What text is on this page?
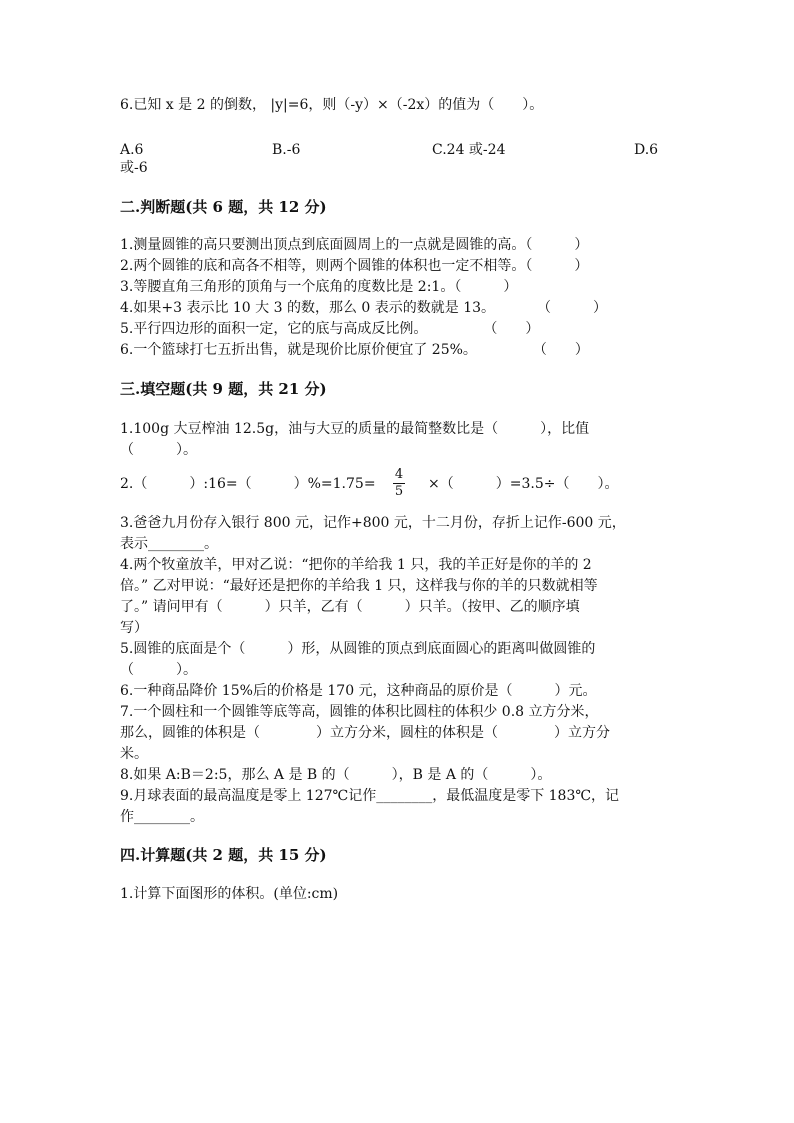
6.已知 x 是 2 的倒数， |y|=6，则（-y）×（-2x）的值为（　　）。
A.6	B.-6	C.24 或-24	D.6
或-6
二.判断题(共 6 题，共 12 分)
1.测量圆锥的高只要测出顶点到底面圆周上的一点就是圆锥的高。（　　　）
2.两个圆锥的底和高各不相等，则两个圆锥的体积也一定不相等。（　　　）
3.等腰直角三角形的顶角与一个底角的度数比是 2:1。（　　　）
4.如果+3 表示比 10 大 3 的数，那么 0 表示的数就是 13。　　　　（　　　）
5.平行四边形的面积一定，它的底与高成反比例。　　　　　（　　）
6.一个篮球打七五折出售，就是现价比原价便宜了 25%。　　　　　（　　）
三.填空题(共 9 题，共 21 分)
1.100g 大豆榨油 12.5g，油与大豆的质量的最简整数比是（　　　），比值
（　　　）。
2.（　　　）:16=（　　　）%=1.75=
4
5 ×（　　　）=3.5÷（　　）。
3.爸爸九月份存入银行 800 元，记作+800 元，十二月份，存折上记作-600 元，
表示________。
4.两个牧童放羊，甲对乙说：“把你的羊给我 1 只，我的羊正好是你的羊的 2
倍。” 乙对甲说：“最好还是把你的羊给我 1 只，这样我与你的羊的只数就相等
了。” 请问甲有（　　　）只羊，乙有（　　　）只羊。（按甲、乙的顺序填
写）
5.圆锥的底面是个（　　　）形，从圆锥的顶点到底面圆心的距离叫做圆锥的
（　　　）。
6.一种商品降价 15%后的价格是 170 元，这种商品的原价是（　　　）元。
7.一个圆柱和一个圆锥等底等高，圆锥的体积比圆柱的体积少 0.8 立方分米，
那么，圆锥的体积是（　　　　）立方分米，圆柱的体积是（　　　　）立方分
米。
8.如果 A:B＝2:5，那么 A 是 B 的（　　　），B 是 A 的（　　　）。
9.月球表面的最高温度是零上 127℃记作________，最低温度是零下 183℃，记
作________。
四.计算题(共 2 题，共 15 分)
1.计算下面图形的体积。(单位:cm)
